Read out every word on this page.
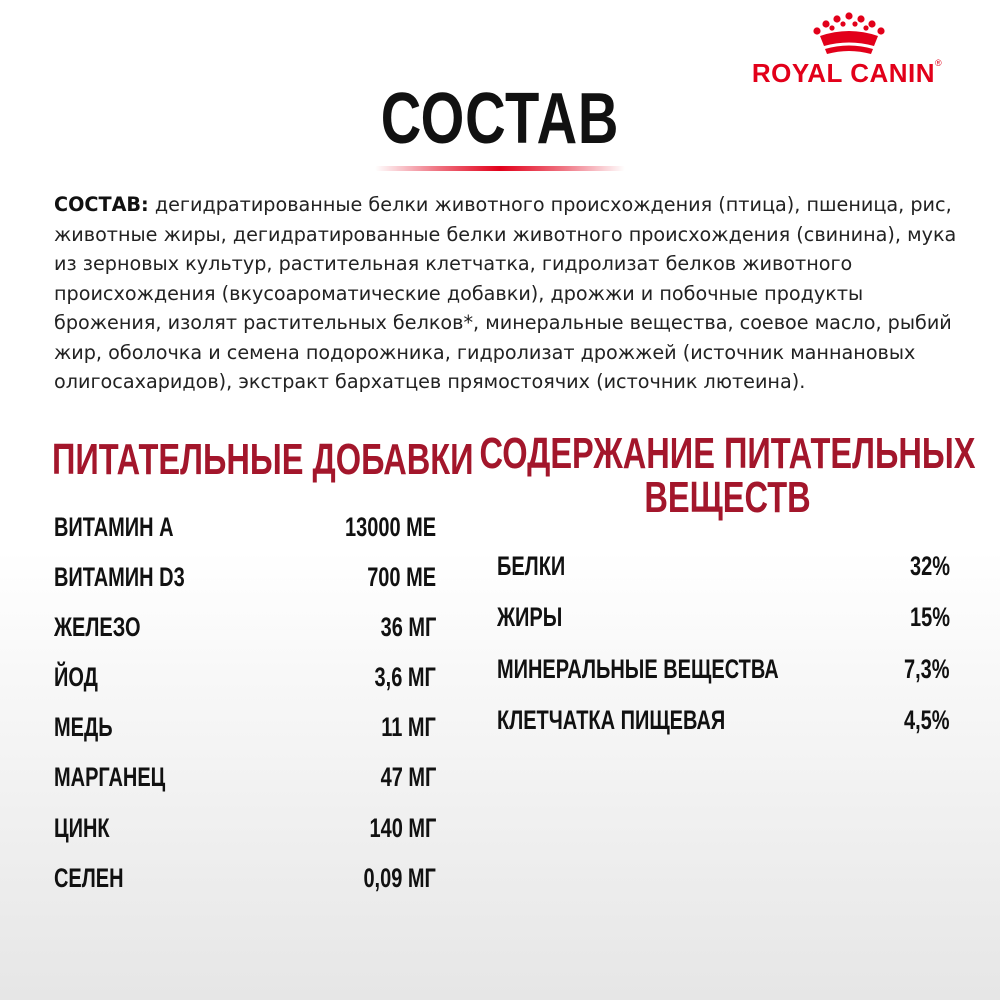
ROYAL CANIN®
СОСТАВ

СОСТАВ: дегидратированные белки животного происхождения (птица), пшеница, рис, животные жиры, дегидратированные белки животного происхождения (свинина), мука из зерновых культур, растительная клетчатка, гидролизат белков животного происхождения (вкусоароматические добавки), дрожжи и побочные продукты брожения, изолят растительных белков*, минеральные вещества, соевое масло, рыбий жир, оболочка и семена подорожника, гидролизат дрожжей (источник маннановых олигосахаридов), экстракт бархатцев прямостоячих (источник лютеина).

ПИТАТЕЛЬНЫЕ ДОБАВКИ
ВИТАМИН А	13000 МЕ
ВИТАМИН D3	700 МЕ
ЖЕЛЕЗО	36 МГ
ЙОД	3,6 МГ
МЕДЬ	11 МГ
МАРГАНЕЦ	47 МГ
ЦИНК	140 МГ
СЕЛЕН	0,09 МГ
СОДЕРЖАНИЕ ПИТАТЕЛЬНЫХ
ВЕЩЕСТВ
БЕЛКИ	32%
ЖИРЫ	15%
МИНЕРАЛЬНЫЕ ВЕЩЕСТВА	7,3%
КЛЕТЧАТКА ПИЩЕВАЯ	4,5%
